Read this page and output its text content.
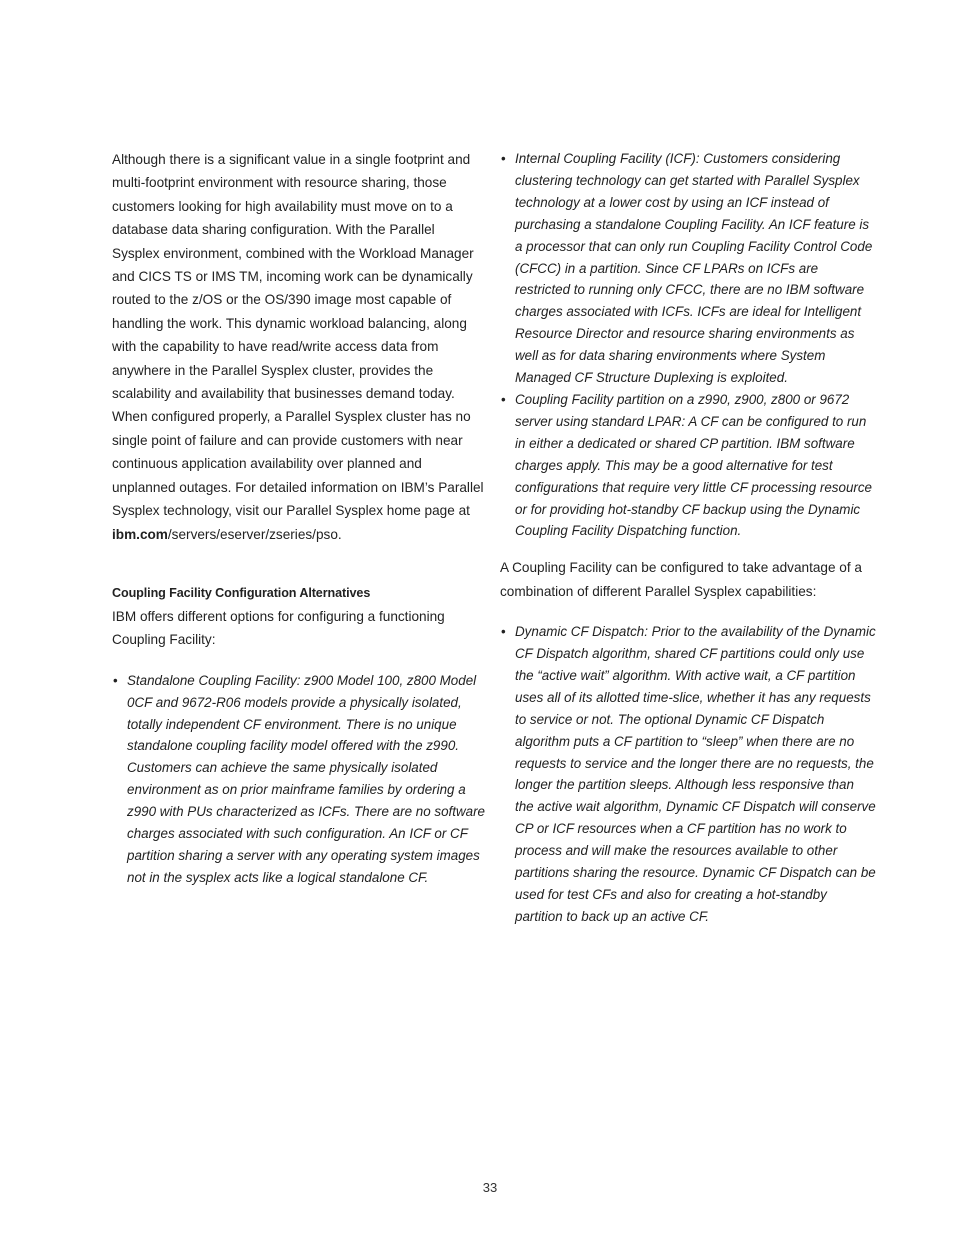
Although there is a significant value in a single footprint and multi-footprint environment with resource sharing, those customers looking for high availability must move on to a database data sharing configuration. With the Parallel Sysplex environment, combined with the Workload Manager and CICS TS or IMS TM, incoming work can be dynamically routed to the z/OS or the OS/390 image most capable of handling the work. This dynamic workload balancing, along with the capability to have read/write access data from anywhere in the Parallel Sysplex cluster, provides the scalability and availability that businesses demand today. When configured properly, a Parallel Sysplex cluster has no single point of failure and can provide customers with near continuous application availability over planned and unplanned outages. For detailed information on IBM’s Parallel Sysplex technology, visit our Parallel Sysplex home page at ibm.com/servers/eserver/zseries/pso.

Coupling Facility Configuration Alternatives

IBM offers different options for configuring a functioning Coupling Facility:

• Standalone Coupling Facility: z900 Model 100, z800 Model 0CF and 9672-R06 models provide a physically isolated, totally independent CF environment. There is no unique standalone coupling facility model offered with the z990. Customers can achieve the same physically isolated environment as on prior mainframe families by ordering a z990 with PUs characterized as ICFs. There are no software charges associated with such configuration. An ICF or CF partition sharing a server with any operating system images not in the sysplex acts like a logical standalone CF.
• Internal Coupling Facility (ICF): Customers considering clustering technology can get started with Parallel Sysplex technology at a lower cost by using an ICF instead of purchasing a standalone Coupling Facility. An ICF feature is a processor that can only run Coupling Facility Control Code (CFCC) in a partition. Since CF LPARs on ICFs are restricted to running only CFCC, there are no IBM software charges associated with ICFs. ICFs are ideal for Intelligent Resource Director and resource sharing environments as well as for data sharing environments where System Managed CF Structure Duplexing is exploited.
• Coupling Facility partition on a z990, z900, z800 or 9672 server using standard LPAR: A CF can be configured to run in either a dedicated or shared CP partition. IBM software charges apply. This may be a good alternative for test configurations that require very little CF processing resource or for providing hot-standby CF backup using the Dynamic Coupling Facility Dispatching function.

A Coupling Facility can be configured to take advantage of a combination of different Parallel Sysplex capabilities:

• Dynamic CF Dispatch: Prior to the availability of the Dynamic CF Dispatch algorithm, shared CF partitions could only use the “active wait” algorithm. With active wait, a CF partition uses all of its allotted time-slice, whether it has any requests to service or not. The optional Dynamic CF Dispatch algorithm puts a CF partition to “sleep” when there are no requests to service and the longer there are no requests, the longer the partition sleeps. Although less responsive than the active wait algorithm, Dynamic CF Dispatch will conserve CP or ICF resources when a CF partition has no work to process and will make the resources available to other partitions sharing the resource. Dynamic CF Dispatch can be used for test CFs and also for creating a hot-standby partition to back up an active CF.
33
